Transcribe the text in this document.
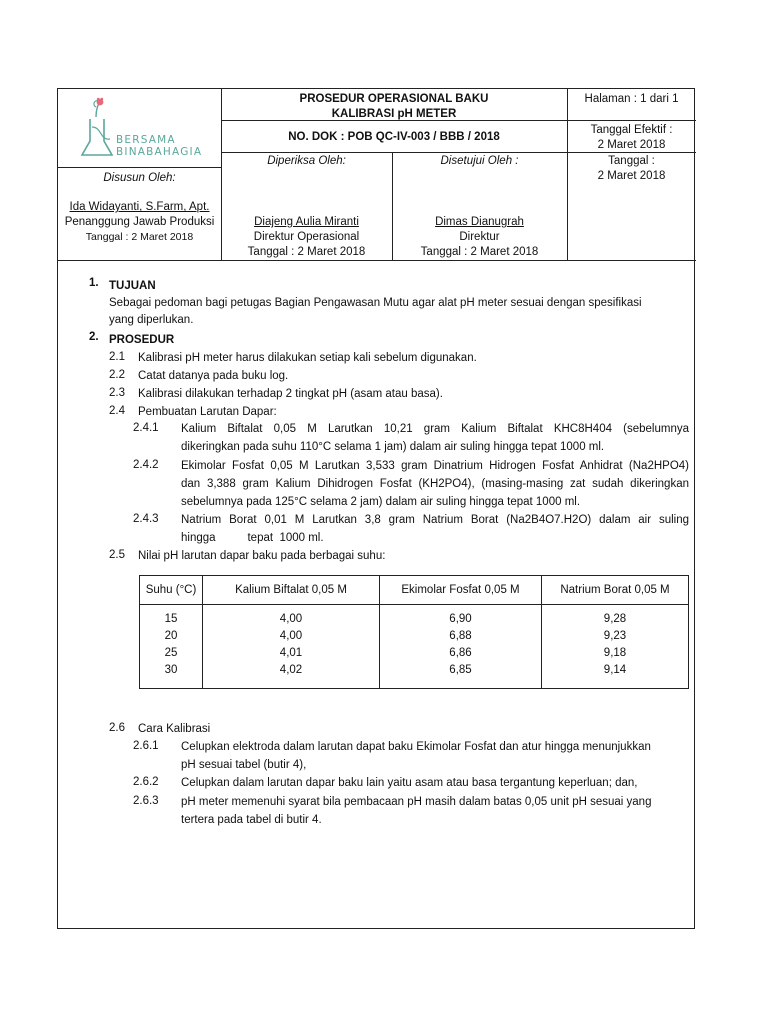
BERSAMA
BINABAHAGIA
PROSEDUR OPERASIONAL BAKU
KALIBRASI pH METER
Halaman : 1 dari 1
NO. DOK : POB QC-IV-003 / BBB / 2018
Tanggal Efektif :
2 Maret 2018
Disusun Oleh:
Diperiksa Oleh:	Disetujui Oleh :	Tanggal :
2 Maret 2018
Ida Widayanti, S.Farm, Apt.
Penanggung Jawab Produksi
Tanggal : 2 Maret 2018
Diajeng Aulia Miranti
Direktur Operasional
Tanggal : 2 Maret 2018
Dimas Dianugrah
Direktur
Tanggal : 2 Maret 2018
1. TUJUAN
Sebagai pedoman bagi petugas Bagian Pengawasan Mutu agar alat pH meter sesuai dengan spesifikasi
yang diperlukan.
2. PROSEDUR
2.1 Kalibrasi pH meter harus dilakukan setiap kali sebelum digunakan.
2.2 Catat datanya pada buku log.
2.3 Kalibrasi dilakukan terhadap 2 tingkat pH (asam atau basa).
2.4 Pembuatan Larutan Dapar:
2.4.1 Kalium Biftalat 0,05 M Larutkan 10,21 gram Kalium Biftalat KHC8H404 (sebelumnya
dikeringkan pada suhu 110°C selama 1 jam) dalam air suling hingga tepat 1000 ml.
2.4.2 Ekimolar Fosfat 0,05 M Larutkan 3,533 gram Dinatrium Hidrogen Fosfat Anhidrat (Na2HPO4)
dan 3,388 gram Kalium Dihidrogen Fosfat (KH2PO4), (masing-masing zat sudah dikeringkan
sebelumnya pada 125°C selama 2 jam) dalam air suling hingga tepat 1000 ml.
2.4.3 Natrium Borat 0,01 M Larutkan 3,8 gram Natrium Borat (Na2B4O7.H2O) dalam air suling
hingga          tepat  1000 ml.
2.5 Nilai pH larutan dapar baku pada berbagai suhu:
Suhu (°C)	Kalium Biftalat 0,05 M	Ekimolar Fosfat 0,05 M	Natrium Borat 0,05 M
15	4,00	6,90	9,28
20	4,00	6,88	9,23
25	4,01	6,86	9,18
30	4,02	6,85	9,14
2.6 Cara Kalibrasi
2.6.1 Celupkan elektroda dalam larutan dapat baku Ekimolar Fosfat dan atur hingga menunjukkan
pH sesuai tabel (butir 4),
2.6.2 Celupkan dalam larutan dapar baku lain yaitu asam atau basa tergantung keperluan; dan,
2.6.3 pH meter memenuhi syarat bila pembacaan pH masih dalam batas 0,05 unit pH sesuai yang
tertera pada tabel di butir 4.
